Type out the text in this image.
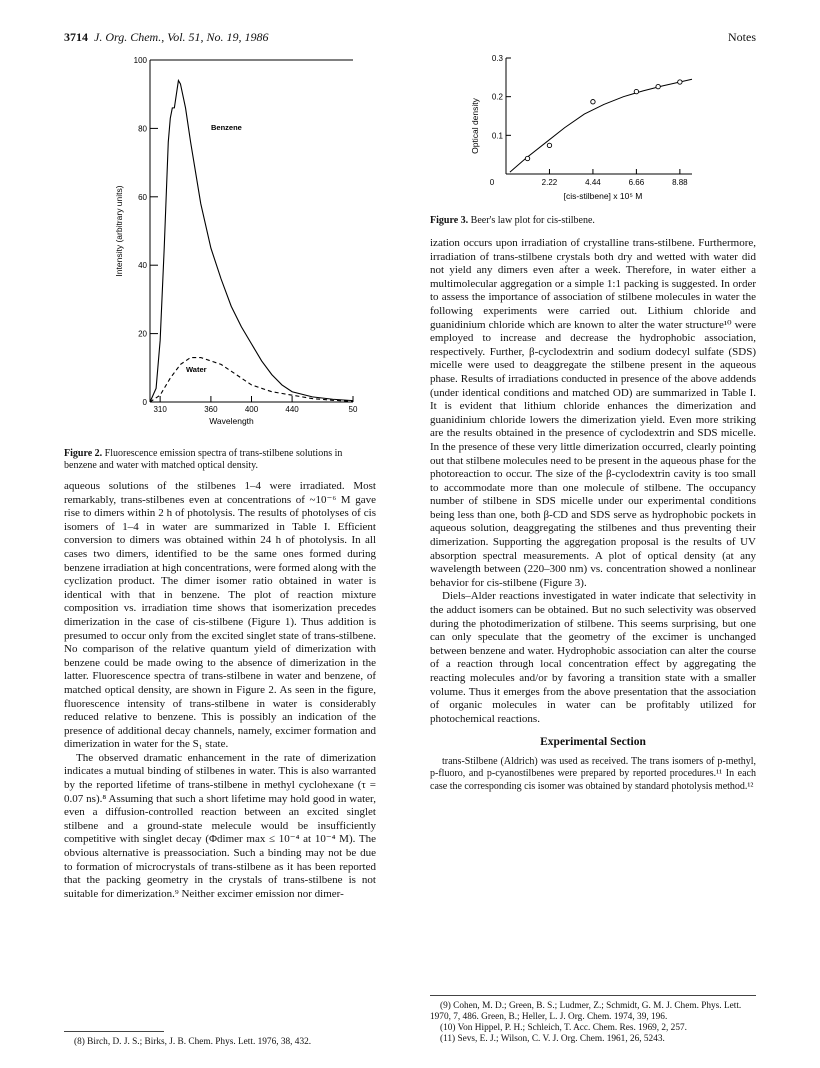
3714 J. Org. Chem., Vol. 51, No. 19, 1986	Notes
0
20
40
60
80
100
310	360	400	440	50
Wavelength
Intensity (arbitrary units)
Benzene
Water
Figure 2. Fluorescence emission spectra of trans-stilbene solutions in benzene and water with matched optical density.

aqueous solutions of the stilbenes 1–4 were irradiated. Most remarkably, trans-stilbenes even at concentrations of ~10⁻⁶ M gave rise to dimers within 2 h of photolysis. The results of photolyses of cis isomers of 1–4 in water are summarized in Table I. Efficient conversion to dimers was obtained within 24 h of photolysis. In all cases two dimers, identified to be the same ones formed during benzene irradiation at high concentrations, were formed along with the cyclization product. The dimer isomer ratio obtained in water is identical with that in benzene. The plot of reaction mixture composition vs. irradiation time shows that isomerization precedes dimerization in the case of cis-stilbene (Figure 1). Thus addition is presumed to occur only from the excited singlet state of trans-stilbene. No comparison of the relative quantum yield of dimerization with benzene could be made owing to the absence of dimerization in the latter. Fluorescence spectra of trans-stilbene in water and benzene, of matched optical density, are shown in Figure 2. As seen in the figure, fluorescence intensity of trans-stilbene in water is considerably reduced relative to benzene. This is possibly an indication of the presence of additional decay channels, namely, excimer formation and dimerization in water for the S₁ state.

The observed dramatic enhancement in the rate of dimerization indicates a mutual binding of stilbenes in water. This is also warranted by the reported lifetime of trans-stilbene in methyl cyclohexane (τ = 0.07 ns).⁸ Assuming that such a short lifetime may hold good in water, even a diffusion-controlled reaction between an excited singlet stilbene and a ground-state melecule would be insufficiently competitive with singlet decay (Φdimer max ≤ 10⁻⁴ at 10⁻⁴ M). The obvious alternative is preassociation. Such a binding may not be due to formation of microcrystals of trans-stilbene as it has been reported that the packing geometry in the crystals of trans-stilbene is not suitable for dimerization.⁹ Neither excimer emission nor dimer-

(8) Birch, D. J. S.; Birks, J. B. Chem. Phys. Lett. 1976, 38, 432.
0.1
0.2
0.3
0	2.22	4.44	6.66	8.88
[cis-stilbene] x 10⁵ M
Optical density
Figure 3. Beer's law plot for cis-stilbene.

ization occurs upon irradiation of crystalline trans-stilbene. Furthermore, irradiation of trans-stilbene crystals both dry and wetted with water did not yield any dimers even after a week. Therefore, in water either a multimolecular aggregation or a simple 1:1 packing is suggested. In order to assess the importance of association of stilbene molecules in water the following experiments were carried out. Lithium chloride and guanidinium chloride which are known to alter the water structure¹⁰ were employed to increase and decrease the hydrophobic association, respectively. Further, β-cyclodextrin and sodium dodecyl sulfate (SDS) micelle were used to deaggregate the stilbene present in the aqueous phase. Results of irradiations conducted in presence of the above addends (under identical conditions and matched OD) are summarized in Table I. It is evident that lithium chloride enhances the dimerization and guanidinium chloride lowers the dimerization yield. Even more striking are the results obtained in the presence of cyclodextrin and SDS micelle. In the presence of these very little dimerization occurred, clearly pointing out that stilbene molecules need to be present in the aqueous phase for the photoreaction to occur. The size of the β-cyclodextrin cavity is too small to accommodate more than one molecule of stilbene. The occupancy number of stilbene in SDS micelle under our experimental conditions being less than one, both β-CD and SDS serve as hydrophobic pockets in aqueous solution, deaggregating the stilbenes and thus preventing their dimerization. Supporting the aggregation proposal is the results of UV absorption spectral measurements. A plot of optical density (at any wavelength between (220–300 nm) vs. concentration showed a nonlinear behavior for cis-stilbene (Figure 3).

Diels–Alder reactions investigated in water indicate that selectivity in the adduct isomers can be obtained. But no such selectivity was observed during the photodimerization of stilbene. This seems surprising, but one can only speculate that the geometry of the excimer is unchanged between benzene and water. Hydrophobic association can alter the course of a reaction through local concentration effect by aggregating the reacting molecules and/or by favoring a transition state with a smaller volume. Thus it emerges from the above presentation that the association of organic molecules in water can be profitably utilized for photochemical reactions.

Experimental Section

trans-Stilbene (Aldrich) was used as received. The trans isomers of p-methyl, p-fluoro, and p-cyanostilbenes were prepared by reported procedures.¹¹ In each case the corresponding cis isomer was obtained by standard photolysis method.¹²

(9) Cohen, M. D.; Green, B. S.; Ludmer, Z.; Schmidt, G. M. J. Chem. Phys. Lett. 1970, 7, 486. Green, B.; Heller, L. J. Org. Chem. 1974, 39, 196.
(10) Von Hippel, P. H.; Schleich, T. Acc. Chem. Res. 1969, 2, 257.
(11) Sevs, E. J.; Wilson, C. V. J. Org. Chem. 1961, 26, 5243.
